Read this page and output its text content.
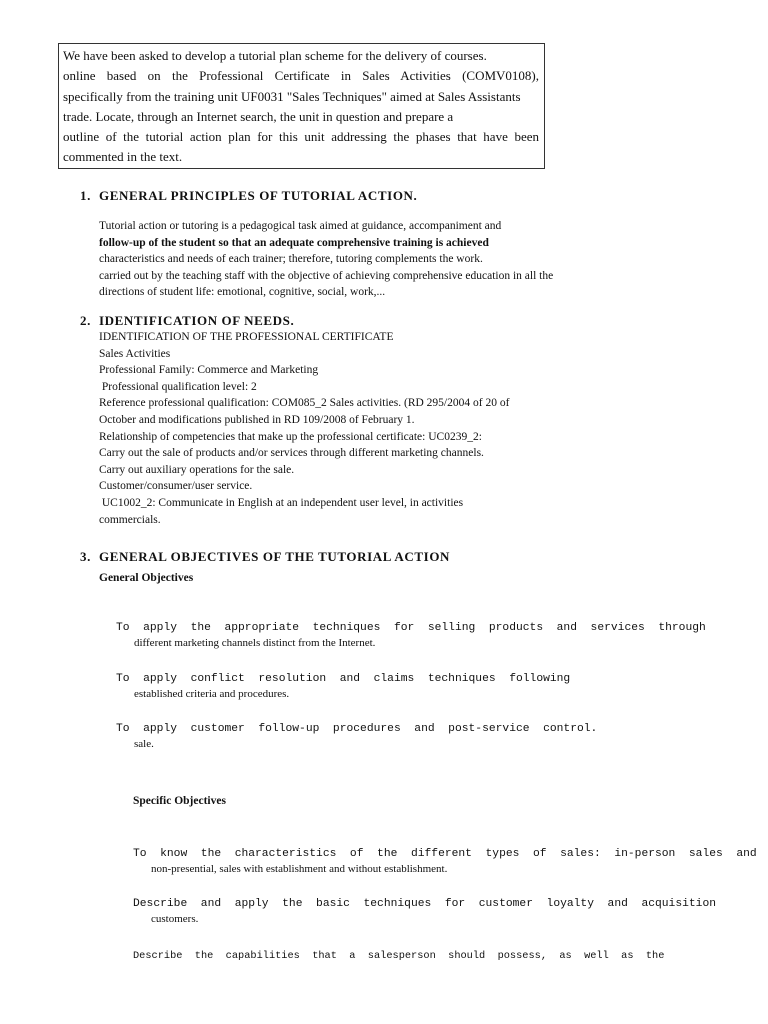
We have been asked to develop a tutorial plan scheme for the delivery of courses.
online based on the Professional Certificate in Sales Activities (COMV0108),
specifically from the training unit UF0031 "Sales Techniques" aimed at Sales Assistants
trade. Locate, through an Internet search, the unit in question and prepare a
outline of the tutorial action plan for this unit addressing the phases that have been
commented in the text.
1. GENERAL PRINCIPLES OF TUTORIAL ACTION.
Tutorial action or tutoring is a pedagogical task aimed at guidance, accompaniment and
follow-up of the student so that an adequate comprehensive training is achieved
characteristics and needs of each trainer; therefore, tutoring complements the work.
carried out by the teaching staff with the objective of achieving comprehensive education in all the
directions of student life: emotional, cognitive, social, work,...
2. IDENTIFICATION OF NEEDS.
IDENTIFICATION OF THE PROFESSIONAL CERTIFICATE
Sales Activities
Professional Family: Commerce and Marketing
Professional qualification level: 2
Reference professional qualification: COM085_2 Sales activities. (RD 295/2004 of 20 of
October and modifications published in RD 109/2008 of February 1.
Relationship of competencies that make up the professional certificate: UC0239_2:
Carry out the sale of products and/or services through different marketing channels.
Carry out auxiliary operations for the sale.
Customer/consumer/user service.
UC1002_2: Communicate in English at an independent user level, in activities
commercials.
3. GENERAL OBJECTIVES OF THE TUTORIAL ACTION
General Objectives
To  apply  the  appropriate  techniques  for  selling  products  and  services  through
different marketing channels distinct from the Internet.
To  apply  conflict  resolution  and  claims  techniques  following
established criteria and procedures.
To  apply  customer  follow-up  procedures  and  post-service  control.
sale.
Specific Objectives
To  know  the  characteristics  of  the  different  types  of  sales:  in-person  sales  and
non-presential, sales with establishment and without establishment.
Describe  and  apply  the  basic  techniques  for  customer  loyalty  and  acquisition
customers.
Describe  the  capabilities  that  a  salesperson  should  possess,  as  well  as  the
